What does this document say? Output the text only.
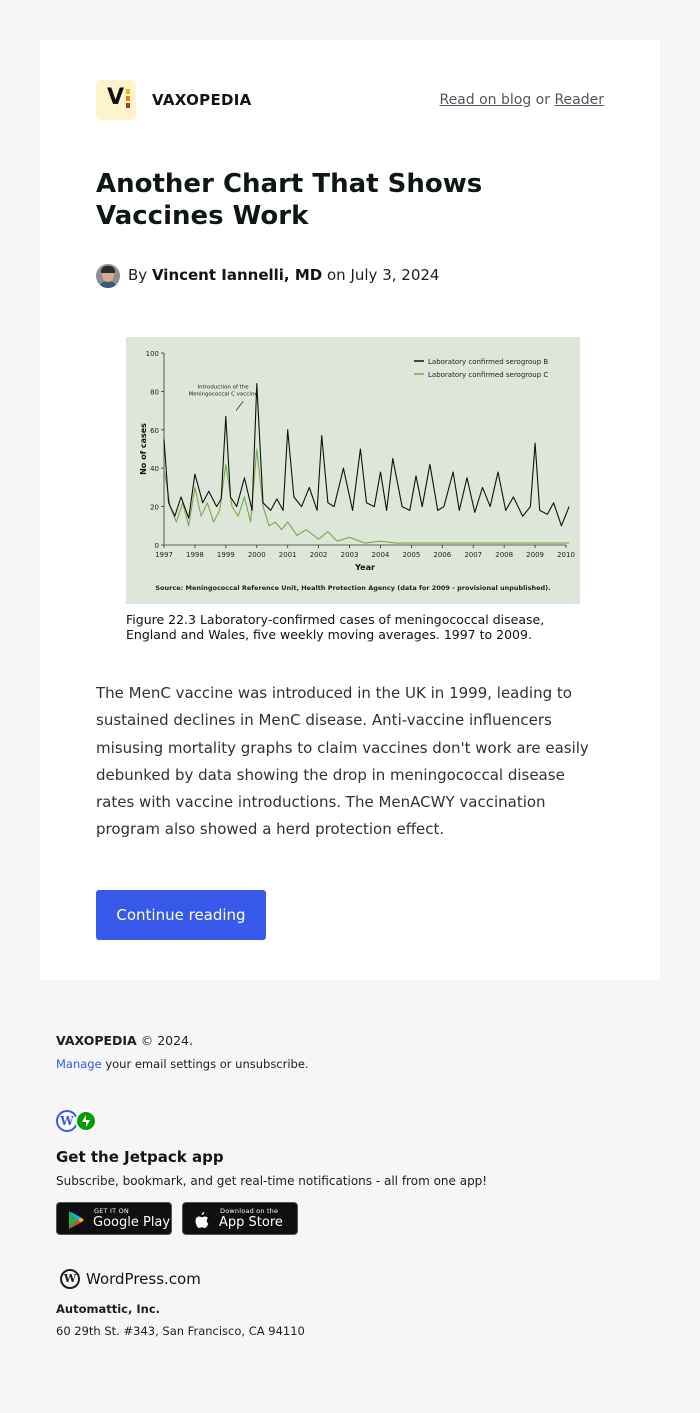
V VAXOPEDIA	Read on blog or Reader
Another Chart That Shows Vaccines Work
By Vincent Iannelli, MD on July 3, 2024
0
20
40
60
80
100
1997 1998 1999 2000 2001 2002 2003 2004 2005 2006 2007 2008 2009 2010
Year
No of cases
Laboratory confirmed serogroup B
Laboratory confirmed serogroup C
Introduction of the
Meningococcal C vaccine
Source: Meningococcal Reference Unit, Health Protection Agency (data for 2009 - provisional unpublished).
Figure 22.3 Laboratory-confirmed cases of meningococcal disease, England and Wales, five weekly moving averages. 1997 to 2009.

The MenC vaccine was introduced in the UK in 1999, leading to sustained declines in MenC disease. Anti-vaccine influencers misusing mortality graphs to claim vaccines don't work are easily debunked by data showing the drop in meningococcal disease rates with vaccine introductions. The MenACWY vaccination program also showed a herd protection effect.

Continue reading
VAXOPEDIA © 2024.
Manage your email settings or unsubscribe.
W
Get the Jetpack app
Subscribe, bookmark, and get real-time notifications - all from one app!
GET IT ON
Google Play
Download on the
App Store
W WordPress.com
Automattic, Inc.
60 29th St. #343, San Francisco, CA 94110
